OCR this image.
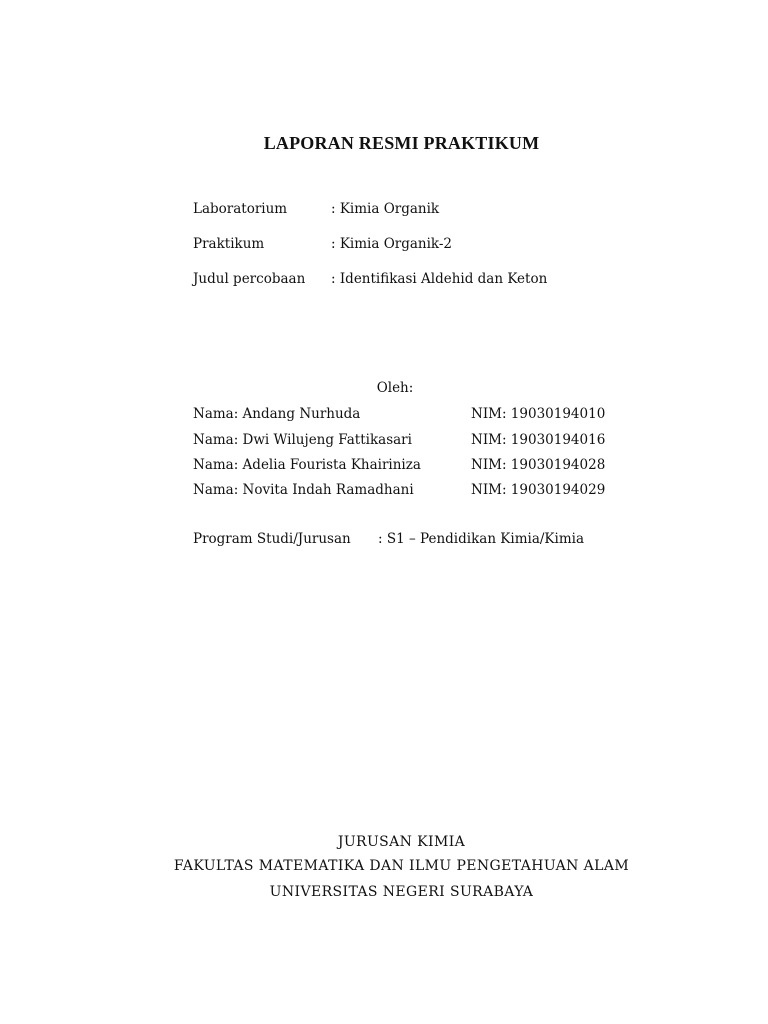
LAPORAN RESMI PRAKTIKUM
Laboratorium	: Kimia Organik
Praktikum	: Kimia Organik-2
Judul percobaan : Identifikasi Aldehid dan Keton
Oleh:
Nama: Andang Nurhuda	NIM: 19030194010
Nama: Dwi Wilujeng Fattikasari	NIM: 19030194016
Nama: Adelia Fourista Khairiniza	NIM: 19030194028
Nama: Novita Indah Ramadhani	NIM: 19030194029
Program Studi/Jurusan : S1 – Pendidikan Kimia/Kimia
JURUSAN KIMIA
FAKULTAS MATEMATIKA DAN ILMU PENGETAHUAN ALAM
UNIVERSITAS NEGERI SURABAYA
